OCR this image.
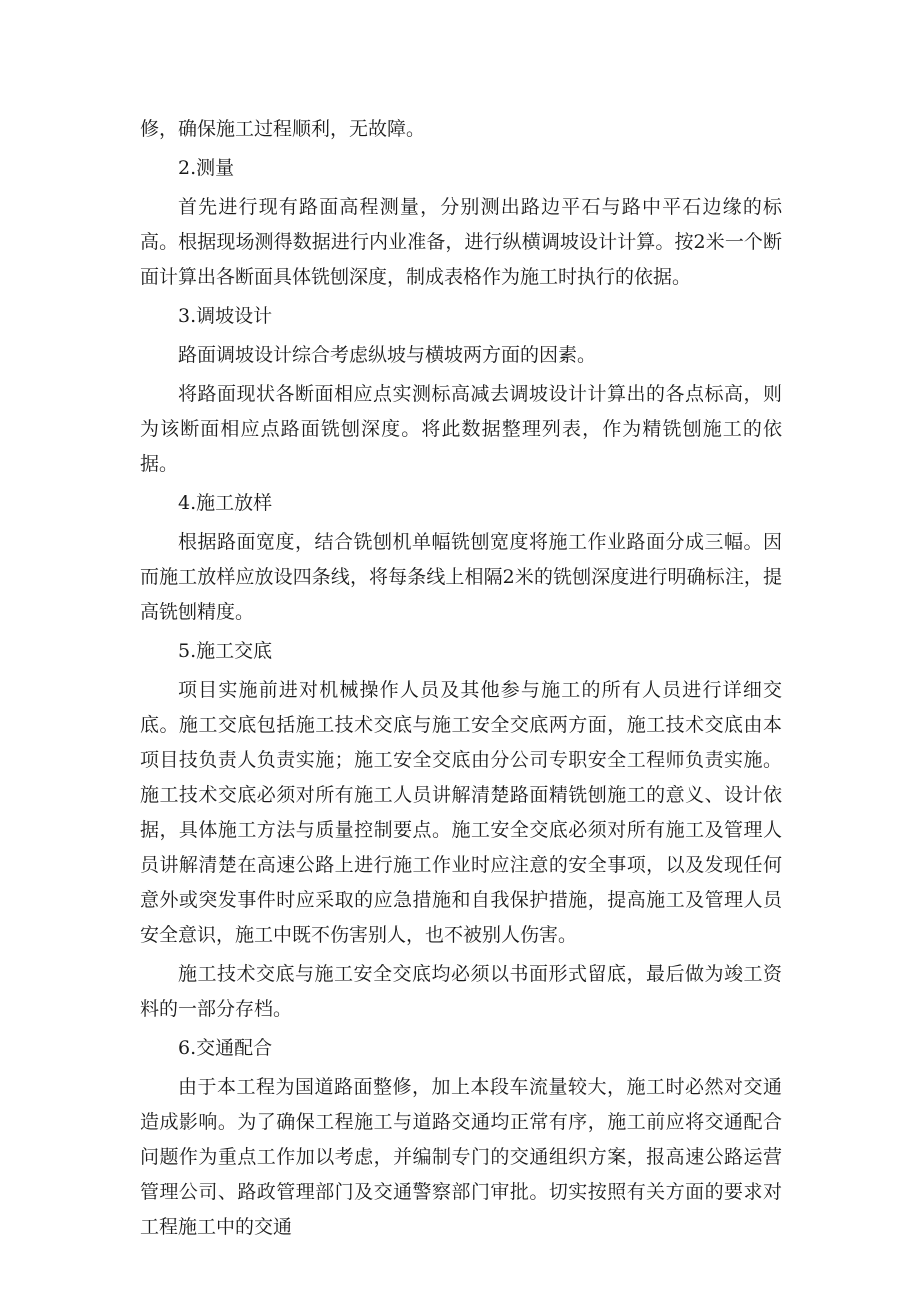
修，确保施工过程顺利，无故障。

2.测量

首先进行现有路面高程测量，分别测出路边平石与路中平石边缘的标高。根据现场测得数据进行内业准备，进行纵横调坡设计计算。按2米一个断面计算出各断面具体铣刨深度，制成表格作为施工时执行的依据。

3.调坡设计

路面调坡设计综合考虑纵坡与横坡两方面的因素。

将路面现状各断面相应点实测标高减去调坡设计计算出的各点标高，则为该断面相应点路面铣刨深度。将此数据整理列表，作为精铣刨施工的依据。

4.施工放样

根据路面宽度，结合铣刨机单幅铣刨宽度将施工作业路面分成三幅。因而施工放样应放设四条线，将每条线上相隔2米的铣刨深度进行明确标注，提高铣刨精度。

5.施工交底

项目实施前进对机械操作人员及其他参与施工的所有人员进行详细交底。施工交底包括施工技术交底与施工安全交底两方面，施工技术交底由本项目技负责人负责实施；施工安全交底由分公司专职安全工程师负责实施。施工技术交底必须对所有施工人员讲解清楚路面精铣刨施工的意义、设计依据，具体施工方法与质量控制要点。施工安全交底必须对所有施工及管理人员讲解清楚在高速公路上进行施工作业时应注意的安全事项，以及发现任何意外或突发事件时应采取的应急措施和自我保护措施，提高施工及管理人员安全意识，施工中既不伤害别人，也不被别人伤害。

施工技术交底与施工安全交底均必须以书面形式留底，最后做为竣工资料的一部分存档。

6.交通配合

由于本工程为国道路面整修，加上本段车流量较大，施工时必然对交通造成影响。为了确保工程施工与道路交通均正常有序，施工前应将交通配合问题作为重点工作加以考虑，并编制专门的交通组织方案，报高速公路运营管理公司、路政管理部门及交通警察部门审批。切实按照有关方面的要求对工程施工中的交通
